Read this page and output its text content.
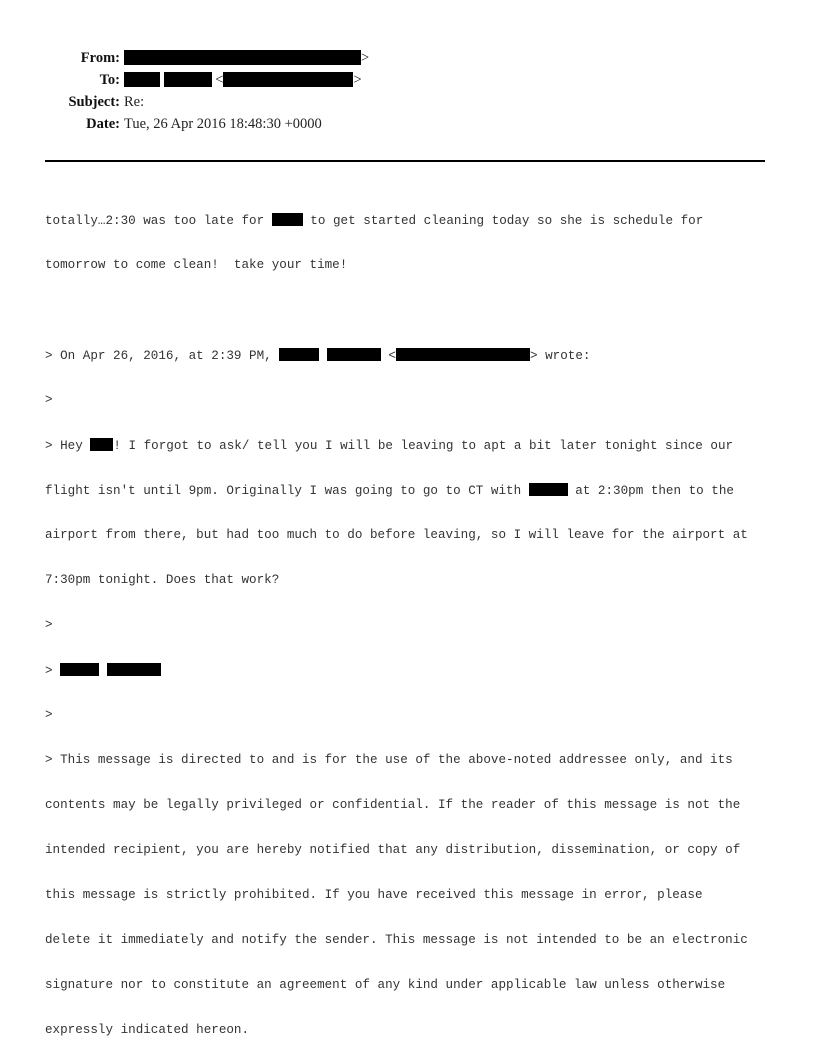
From:	>
To:	<	>
Subject: Re:
Date: Tue, 26 Apr 2016 18:48:30 +0000

totally…2:30 was too late for  to get started cleaning today so she is schedule for

tomorrow to come clean!  take your time!

> On Apr 26, 2016, at 2:39 PM,	<	> wrote:

>

> Hey ! I forgot to ask/ tell you I will be leaving to apt a bit later tonight since our

flight isn't until 9pm. Originally I was going to go to CT with	at 2:30pm then to the

airport from there, but had too much to do before leaving, so I will leave for the airport at

7:30pm tonight. Does that work?

>

>

>

> This message is directed to and is for the use of the above-noted addressee only, and its

contents may be legally privileged or confidential. If the reader of this message is not the

intended recipient, you are hereby notified that any distribution, dissemination, or copy of

this message is strictly prohibited. If you have received this message in error, please

delete it immediately and notify the sender. This message is not intended to be an electronic

signature nor to constitute an agreement of any kind under applicable law unless otherwise

expressly indicated hereon.
